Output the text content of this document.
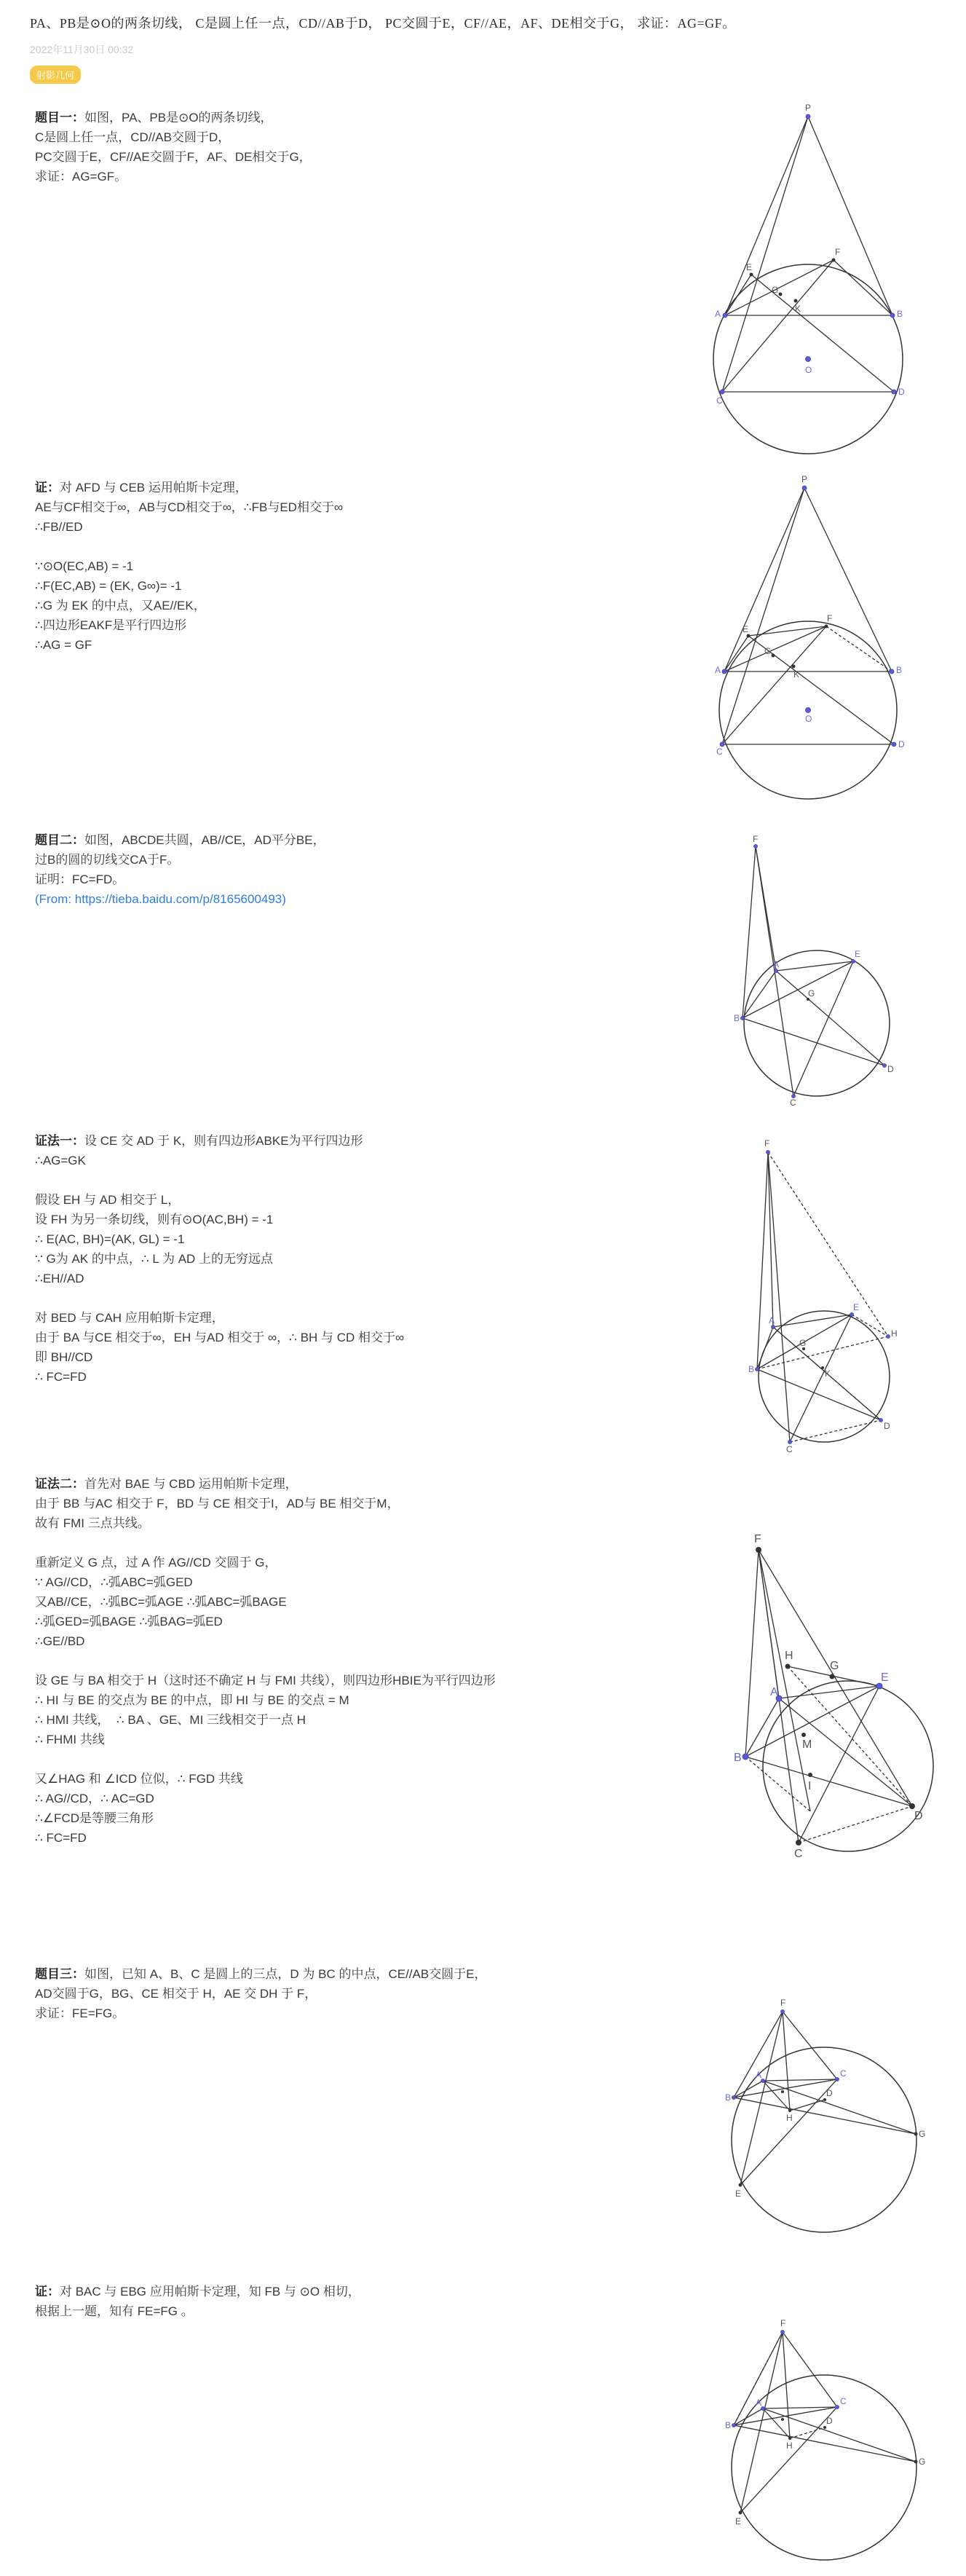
PA、PB是⊙O的两条切线， C是圆上任一点，CD//AB于D， PC交圆于E，CF//AE，AF、DE相交于G， 求证：AG=GF。
2022年11月30日 00:32
射影几何
题目一：如图，PA、PB是⊙O的两条切线，
C是圆上任一点，CD//AB交圆于D，
PC交圆于E，CF//AE交圆于F，AF、DE相交于G，
求证：AG=GF。
证：对 AFD 与 CEB 运用帕斯卡定理，
AE与CF相交于∞，AB与CD相交于∞，∴FB与ED相交于∞
∴FB//ED
∵⊙O(EC,AB) = -1
∴F(EC,AB) = (EK, G∞)= -1
∴G 为 EK 的中点，又AE//EK，
∴四边形EAKF是平行四边形
∴AG = GF
题目二：如图，ABCDE共圆，AB//CE，AD平分BE，
过B的圆的切线交CA于F。
证明：FC=FD。
(From: https://tieba.baidu.com/p/8165600493)
证法一：设 CE 交 AD 于 K，则有四边形ABKE为平行四边形
∴AG=GK
假设 EH 与 AD 相交于 L，
设 FH 为另一条切线，则有⊙O(AC,BH) = -1
∴ E(AC, BH)=(AK, GL) = -1
∵ G为 AK 的中点，∴ L 为 AD 上的无穷远点
∴EH//AD
对 BED 与 CAH 应用帕斯卡定理，
由于 BA 与CE 相交于∞，EH 与AD 相交于 ∞，∴ BH 与 CD 相交于∞
即 BH//CD
∴ FC=FD
证法二：首先对 BAE 与 CBD 运用帕斯卡定理，
由于 BB 与AC 相交于 F，BD 与 CE 相交于I，AD与 BE 相交于M，
故有 FMI 三点共线。
重新定义 G 点，过 A 作 AG//CD 交圆于 G，
∵ AG//CD，∴弧ABC=弧GED
又AB//CE，∴弧BC=弧AGE ∴弧ABC=弧BAGE
∴弧GED=弧BAGE ∴弧BAG=弧ED
∴GE//BD
设 GE 与 BA 相交于 H（这时还不确定 H 与 FMI 共线），则四边形HBIE为平行四边形
∴ HI 与 BE 的交点为 BE 的中点，即 HI 与 BE 的交点 = M
∴ HMI 共线，  ∴ BA 、GE、MI 三线相交于一点 H
∴ FHMI 共线
又∠HAG 和 ∠ICD 位似，∴ FGD 共线
∴ AG//CD，∴ AC=GD
∴∠FCD是等腰三角形
∴ FC=FD
题目三：如图，已知 A、B、C 是圆上的三点，D 为 BC 的中点，CE//AB交圆于E，
AD交圆于G，BG、CE 相交于 H，AE 交 DH 于 F，
求证：FE=FG。
证：对 BAC 与 EBG 应用帕斯卡定理，知 FB 与 ⊙O 相切，
根据上一题，知有 FE=FG 。
P
E
F
A
G
K	B
O
C
D
P
E
F
A
G
K	B
O
C
D
F
A
E
G
B
D
C
F
A
E
H
G
B	K
D
C
F
H
G
E
A
M
B
I
D
C
F
A	C
B
G
H
D
E
F
A	C
B
G
H
D
E
